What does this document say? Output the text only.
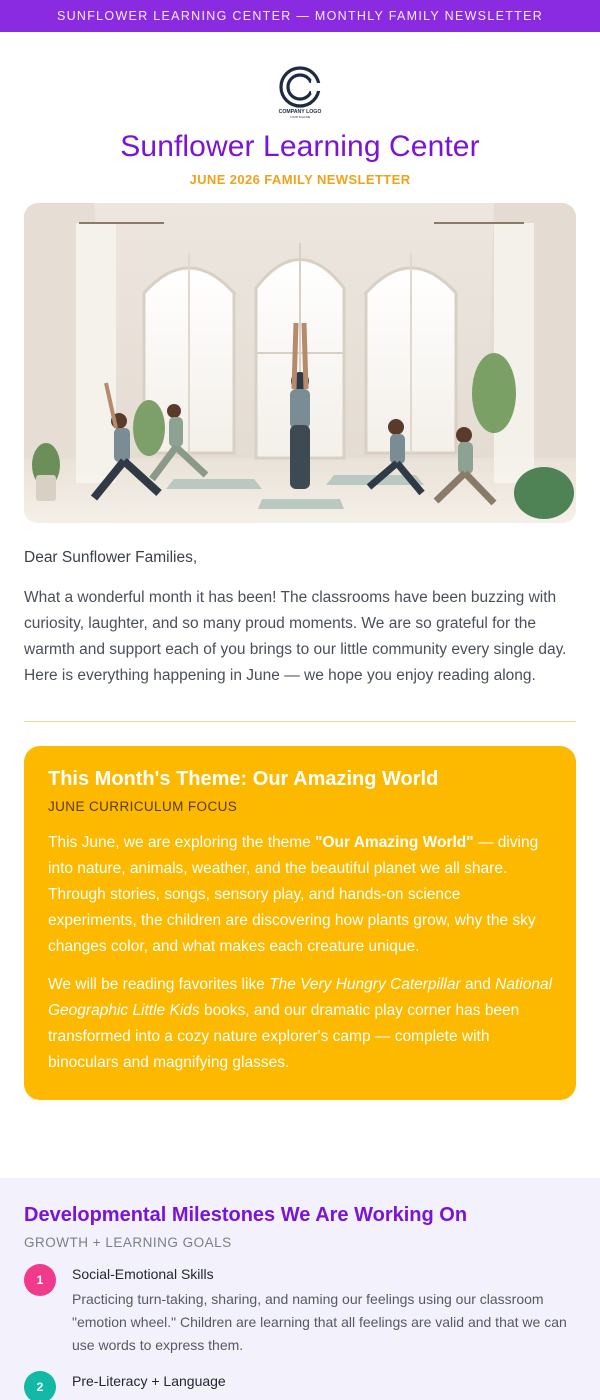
SUNFLOWER LEARNING CENTER — MONTHLY FAMILY NEWSLETTER
COMPANY LOGO
YOUR TAGLINE
Sunflower Learning Center
JUNE 2026 FAMILY NEWSLETTER

Dear Sunflower Families,

What a wonderful month it has been! The classrooms have been buzzing with curiosity, laughter, and so many proud moments. We are so grateful for the warmth and support each of you brings to our little community every single day. Here is everything happening in June — we hope you enjoy reading along.

This Month's Theme: Our Amazing World
JUNE CURRICULUM FOCUS

This June, we are exploring the theme "Our Amazing World" — diving into nature, animals, weather, and the beautiful planet we all share. Through stories, songs, sensory play, and hands-on science experiments, the children are discovering how plants grow, why the sky changes color, and what makes each creature unique.

We will be reading favorites like The Very Hungry Caterpillar and National Geographic Little Kids books, and our dramatic play corner has been transformed into a cozy nature explorer's camp — complete with binoculars and magnifying glasses.

Developmental Milestones We Are Working On
GROWTH + LEARNING GOALS
1	Social-Emotional Skills
Practicing turn-taking, sharing, and naming our feelings using our classroom "emotion wheel." Children are learning that all feelings are valid and that we can use words to express them.
2	Pre-Literacy + Language
